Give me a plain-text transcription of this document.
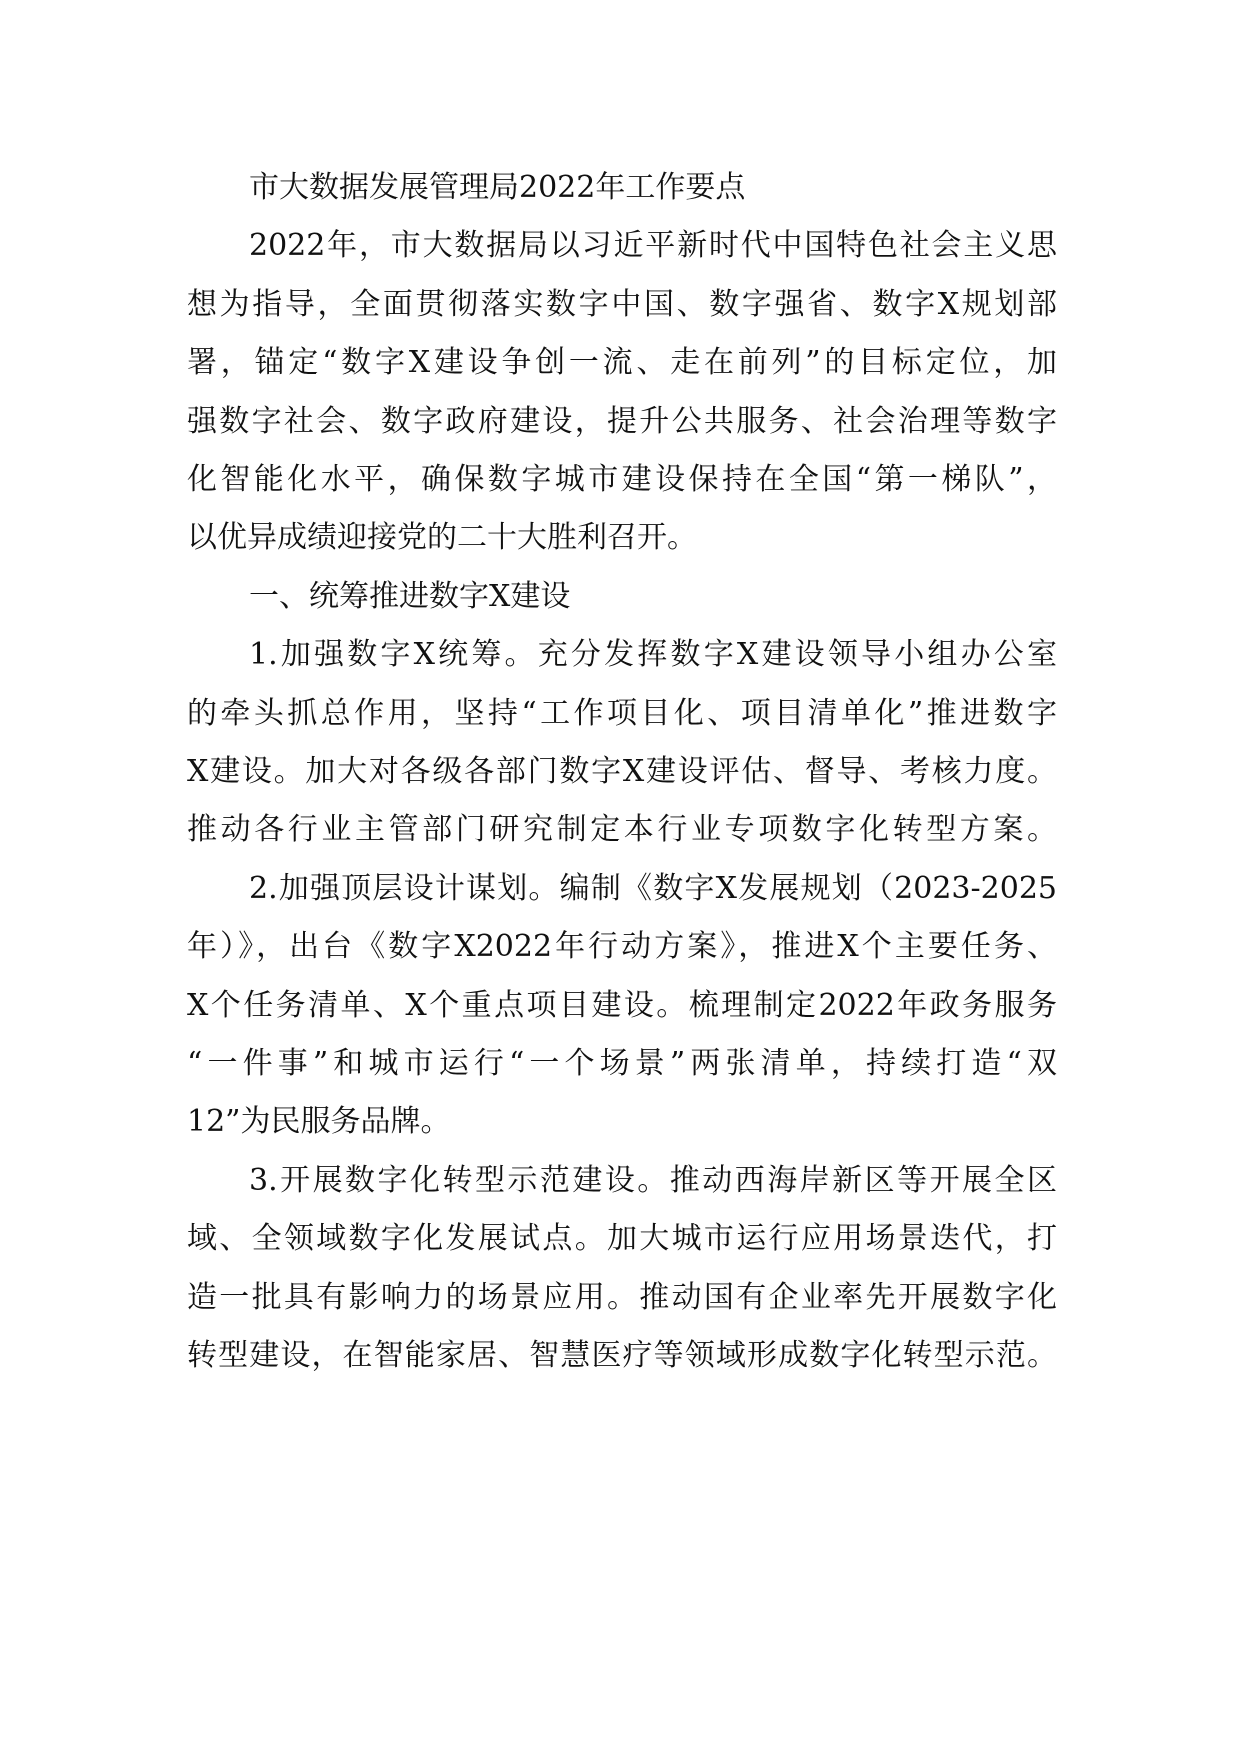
市大数据发展管理局2022年工作要点
2022年，市大数据局以习近平新时代中国特色社会主义思
想为指导，全面贯彻落实数字中国、数字强省、数字X规划部
署，锚定“数字X建设争创一流、走在前列”的目标定位，加
强数字社会、数字政府建设，提升公共服务、社会治理等数字
化智能化水平，确保数字城市建设保持在全国“第一梯队”，
以优异成绩迎接党的二十大胜利召开。
一、统筹推进数字X建设
1.加强数字X统筹。充分发挥数字X建设领导小组办公室
的牵头抓总作用，坚持“工作项目化、项目清单化”推进数字
X建设。加大对各级各部门数字X建设评估、督导、考核力度。
推动各行业主管部门研究制定本行业专项数字化转型方案。
2.加强顶层设计谋划。编制《数字X发展规划（2023-2025
年）》，出台《数字X2022年行动方案》，推进X个主要任务、
X个任务清单、X个重点项目建设。梳理制定2022年政务服务
“一件事”和城市运行“一个场景”两张清单，持续打造“双
12”为民服务品牌。
3.开展数字化转型示范建设。推动西海岸新区等开展全区
域、全领域数字化发展试点。加大城市运行应用场景迭代，打
造一批具有影响力的场景应用。推动国有企业率先开展数字化
转型建设，在智能家居、智慧医疗等领域形成数字化转型示范。
